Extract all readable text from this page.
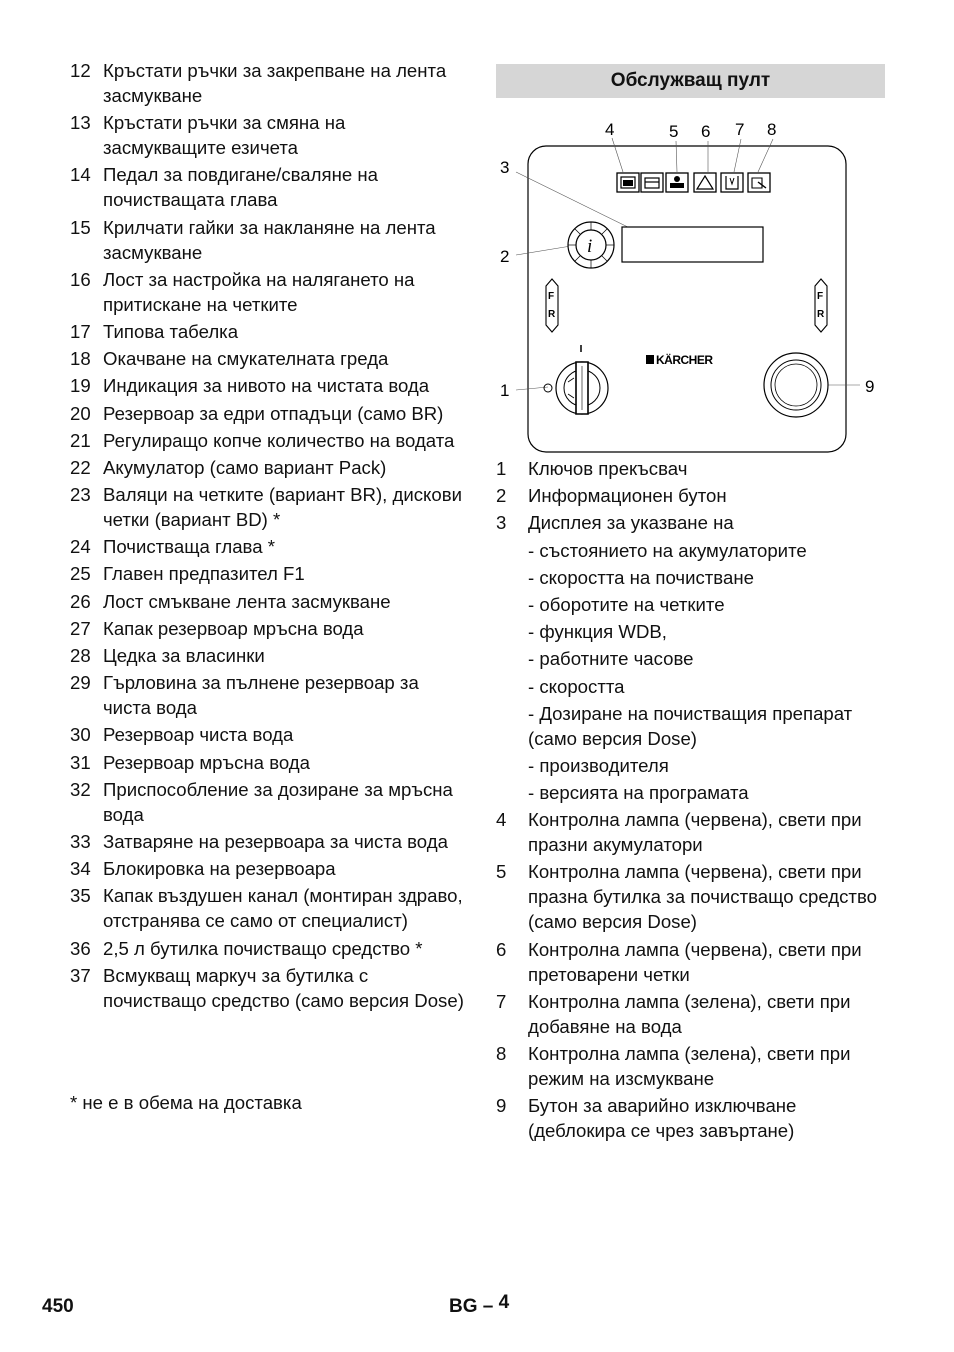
12 Кръстати ръчки за закрепване на лента засмукване
13 Кръстати ръчки за смяна на засмукващите езичета
14 Педал за повдигане/сваляне на почистващата глава
15 Крилчати гайки за накланяне на лента засмукване
16 Лост за настройка на налягането на притискане на четките
17 Типова табелка
18 Окачване на смукателната греда
19 Индикация за нивото на чистата вода
20 Резервоар за едри отпадъци (само BR)
21 Регулиращо копче количество на водата
22 Акумулатор (само вариант Pack)
23 Валяци на четките (вариант BR), дискови четки (вариант BD) *
24 Почистваща глава *
25 Главен предпазител F1
26 Лост смъкване лента засмукване
27 Капак резервоар мръсна вода
28 Цедка за власинки
29 Гърловина за пълнене резервоар за чиста вода
30 Резервоар чиста вода
31 Резервоар мръсна вода
32 Приспособление за дозиране за мръсна вода
33 Затваряне на резервоара за чиста вода
34 Блокировка на резервоара
35 Капак въздушен канал (монтиран здраво, отстранява се само от специалист)
36 2,5 л бутилка почистващо средство *
37 Всмукващ маркуч за бутилка с почистващо средство (само версия Dose)
* не е в обема на доставка
Обслужващ пулт
4	5 6 7 8
3
2
1	9
i
F
R
F
R
KÄRCHER
1 Ключов прекъсвач
2 Информационен бутон
3 Дисплея за указване на
- състоянието на акумулаторите
- скоростта на почистване
- оборотите на четките
- функция WDB,
- работните часове
- скоростта
- Дозиране на почистващия препарат (само версия Dose)
- производителя
- версията на програмата
4 Контролна лампа (червена), свети при празни акумулатори
5 Контролна лампа (червена), свети при празна бутилка за почистващо средство (само версия Dose)
6 Контролна лампа (червена), свети при претоварени четки
7 Контролна лампа (зелена), свети при добавяне на вода
8 Контролна лампа (зелена), свети при режим на изсмукване
9 Бутон за аварийно изключване (деблокира се чрез завъртане)
450	BG – 4
